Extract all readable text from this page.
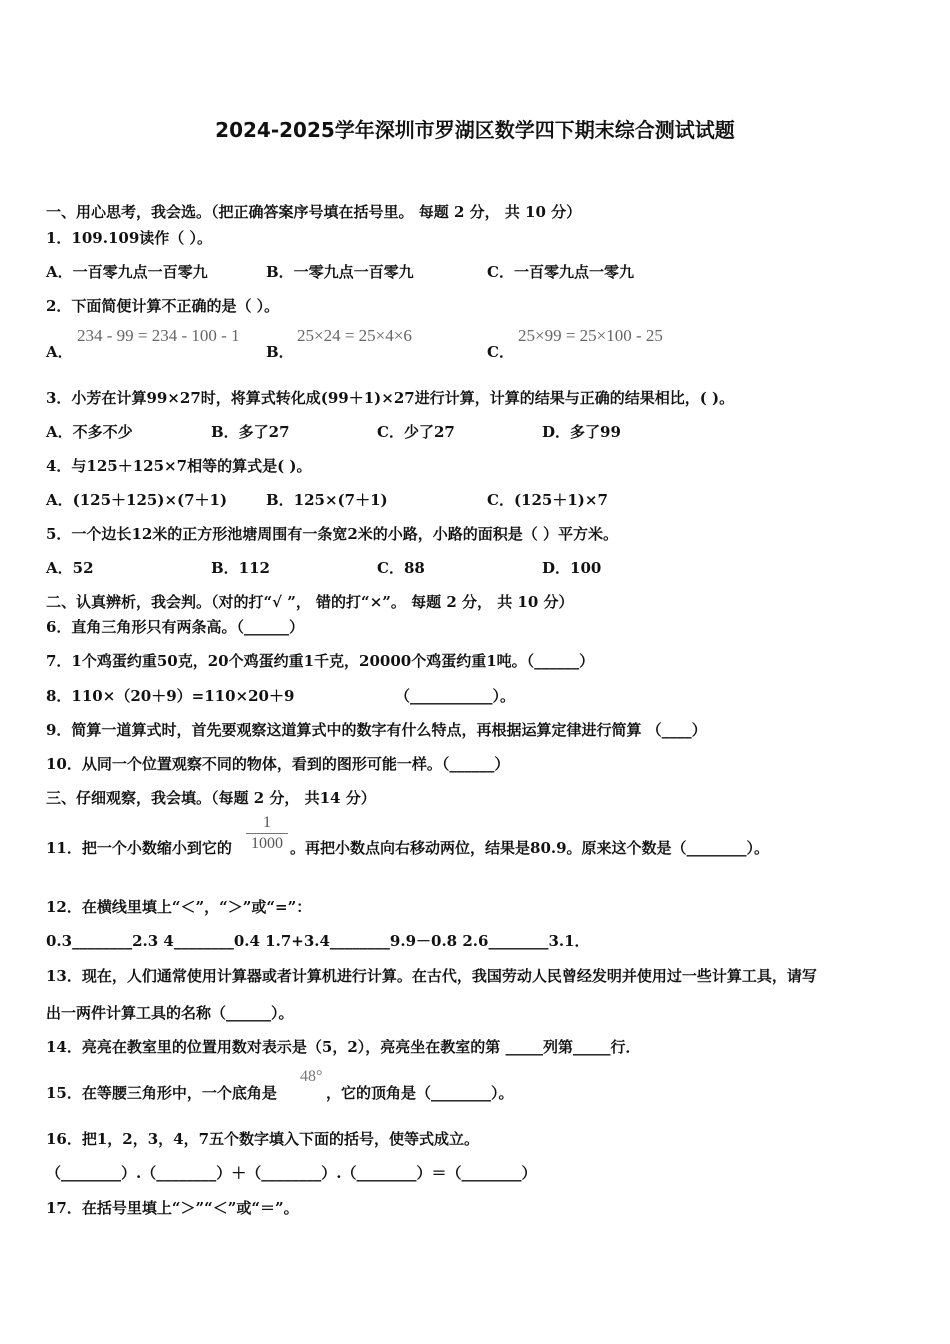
2024-2025学年深圳市罗湖区数学四下期末综合测试试题
一、用心思考，我会选。（把正确答案序号填在括号里。 每题 2 分， 共 10 分）
1．109.109读作（ ）。
A．一百零九点一百零九	B．一零九点一百零九	C．一百零九点一零九
2．下面简便计算不正确的是（ ）。
A．
234 - 99 = 234 - 100 - 1
B．
25×24 = 25×4×6
C．
25×99 = 25×100 - 25
3．小芳在计算99×27时，将算式转化成(99＋1)×27进行计算，计算的结果与正确的结果相比，( )。
A．不多不少	B．多了27	C．少了27	D．多了99
4．与125＋125×7相等的算式是( )。
A．(125＋125)×(7＋1)	B．125×(7＋1)	C．(125＋1)×7
5．一个边长12米的正方形池塘周围有一条宽2米的小路，小路的面积是（ ）平方米。
A．52	B．112	C．88	D．100
二、认真辨析，我会判。（对的打“√ ”， 错的打“×”。 每题 2 分， 共 10 分）
6．直角三角形只有两条高。（______）
7．1个鸡蛋约重50克，20个鸡蛋约重1千克，20000个鸡蛋约重1吨。（______）
8．110×（20＋9）=110×20＋9	（___________）。
9．简算一道算式时，首先要观察这道算式中的数字有什么特点，再根据运算定律进行简算 （____）
10．从同一个位置观察不同的物体，看到的图形可能一样。（______）
三、仔细观察，我会填。（每题 2 分， 共14 分）
11．把一个小数缩小到它的
1
1000 。再把小数点向右移动两位，结果是80.9。原来这个数是（________）。
12．在横线里填上“＜”，“＞”或“=”：
0.3________2.3 4________0.4 1.7+3.4________9.9－0.8 2.6________3.1．
13．现在，人们通常使用计算器或者计算机进行计算。在古代，我国劳动人民曾经发明并使用过一些计算工具，请写
出一两件计算工具的名称（______）。
14．亮亮在教室里的位置用数对表示是（5，2），亮亮坐在教室的第 _____列第_____行．
15．在等腰三角形中，一个底角是
48°
，它的顶角是（________）。
16．把1，2，3，4，7五个数字填入下面的括号，使等式成立。
（________）.（________）＋（________）.（________）＝（________）
17．在括号里填上“＞”“＜”或“＝”。
